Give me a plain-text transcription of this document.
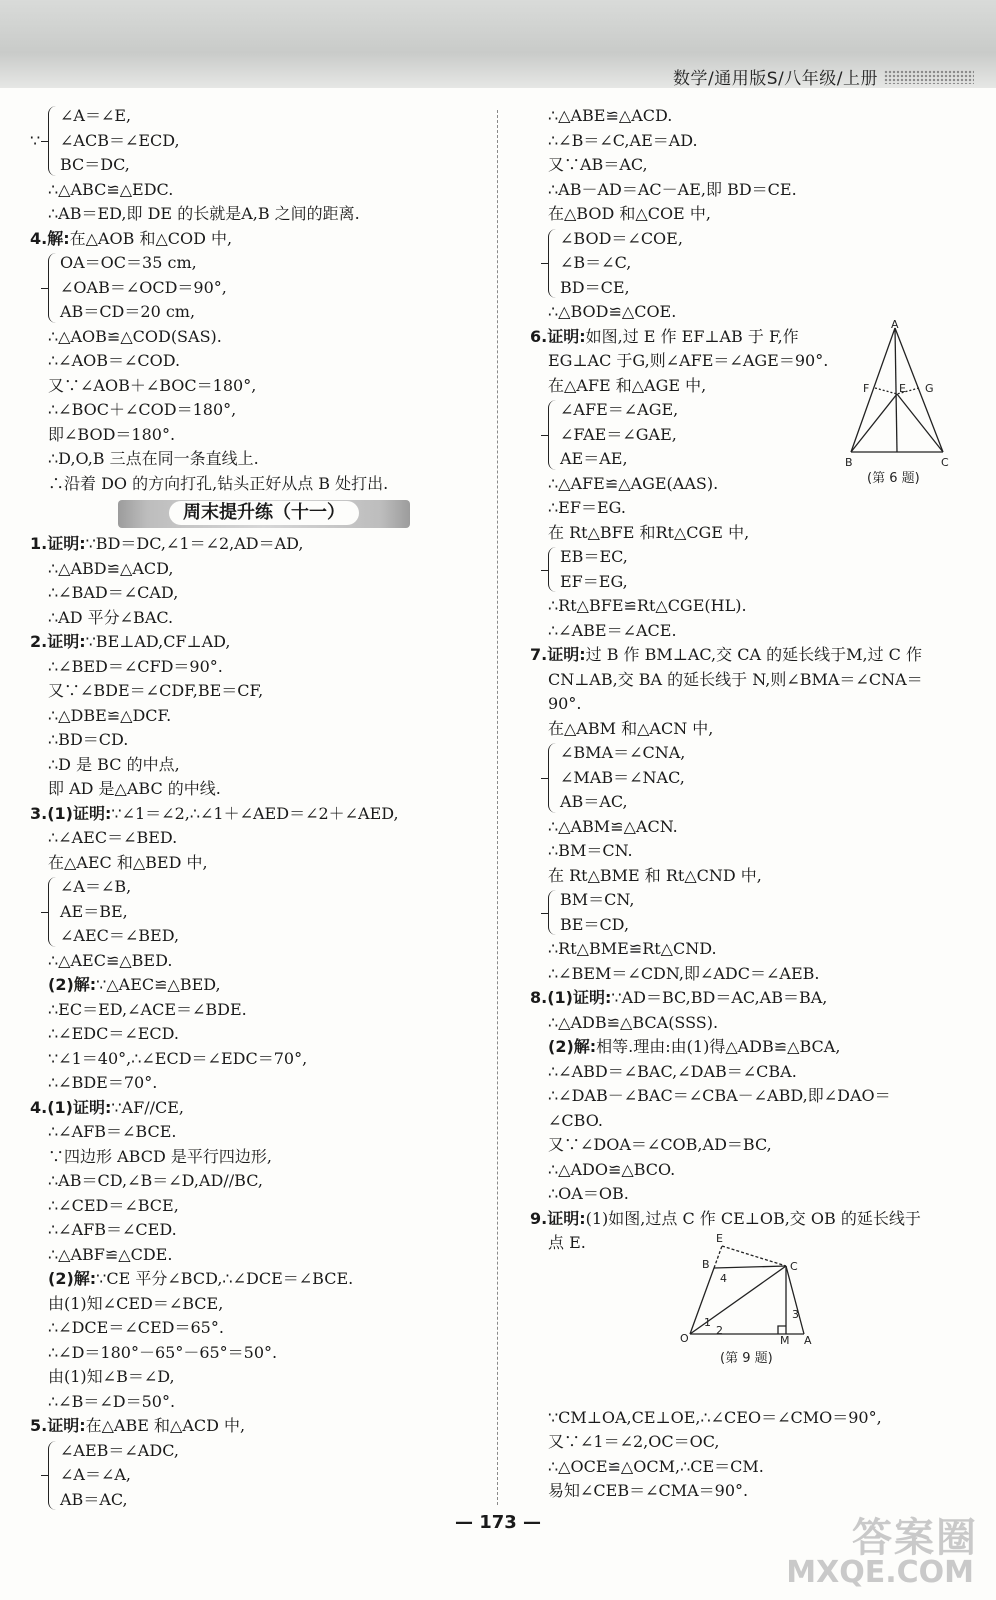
数学/通用版S/八年级/上册
∵
∠A＝∠E,
∠ACB＝∠ECD,
BC＝DC,
∴△ABC≌△EDC.
∴AB＝ED,即 DE 的长就是A,B 之间的距离.
4.解:在△AOB 和△COD 中,
OA＝OC＝35 cm,
∠OAB＝∠OCD＝90°,
AB＝CD＝20 cm,
∴△AOB≌△COD(SAS).
∴∠AOB＝∠COD.
又∵∠AOB＋∠BOC＝180°,
∴∠BOC＋∠COD＝180°,
即∠BOD＝180°.
∴D,O,B 三点在同一条直线上.
∴沿着 DO 的方向打孔,钻头正好从点 B 处打出.
周末提升练（十一）
1.证明:∵BD＝DC,∠1＝∠2,AD＝AD,
∴△ABD≌△ACD,
∴∠BAD＝∠CAD,
∴AD 平分∠BAC.
2.证明:∵BE⊥AD,CF⊥AD,
∴∠BED＝∠CFD＝90°.
又∵∠BDE＝∠CDF,BE＝CF,
∴△DBE≌△DCF.
∴BD＝CD.
∴D 是 BC 的中点,
即 AD 是△ABC 的中线.
3.(1)证明:∵∠1＝∠2,∴∠1＋∠AED＝∠2＋∠AED,
∴∠AEC＝∠BED.
在△AEC 和△BED 中,
∠A＝∠B,
AE＝BE,
∠AEC＝∠BED,
∴△AEC≌△BED.
(2)解:∵△AEC≌△BED,
∴EC＝ED,∠ACE＝∠BDE.
∴∠EDC＝∠ECD.
∵∠1＝40°,∴∠ECD＝∠EDC＝70°,
∴∠BDE＝70°.
4.(1)证明:∵AF//CE,
∴∠AFB＝∠BCE.
∵四边形 ABCD 是平行四边形,
∴AB＝CD,∠B＝∠D,AD//BC,
∴∠CED＝∠BCE,
∴∠AFB＝∠CED.
∴△ABF≌△CDE.
(2)解:∵CE 平分∠BCD,∴∠DCE＝∠BCE.
由(1)知∠CED＝∠BCE,
∴∠DCE＝∠CED＝65°.
∴∠D＝180°－65°－65°＝50°.
由(1)知∠B＝∠D,
∴∠B＝∠D＝50°.
5.证明:在△ABE 和△ACD 中,
∠AEB＝∠ADC,
∠A＝∠A,
AB＝AC,
∴△ABE≌△ACD.
∴∠B＝∠C,AE＝AD.
又∵AB＝AC,
∴AB－AD＝AC－AE,即 BD＝CE.
在△BOD 和△COE 中,
∠BOD＝∠COE,
∠B＝∠C,
BD＝CE,
∴△BOD≌△COE.
6.证明:如图,过 E 作 EF⊥AB 于 F,作
EG⊥AC 于G,则∠AFE＝∠AGE＝90°.
在△AFE 和△AGE 中,
∠AFE＝∠AGE,
∠FAE＝∠GAE,
AE＝AE,
∴△AFE≌△AGE(AAS).
∴EF＝EG.
在 Rt△BFE 和Rt△CGE 中,
EB＝EC,
EF＝EG,
∴Rt△BFE≌Rt△CGE(HL).
∴∠ABE＝∠ACE.
7.证明:过 B 作 BM⊥AC,交 CA 的延长线于M,过 C 作
CN⊥AB,交 BA 的延长线于 N,则∠BMA＝∠CNA＝
90°.
在△ABM 和△ACN 中,
∠BMA＝∠CNA,
∠MAB＝∠NAC,
AB＝AC,
∴△ABM≌△ACN.
∴BM＝CN.
在 Rt△BME 和 Rt△CND 中,
BM＝CN,
BE＝CD,
∴Rt△BME≌Rt△CND.
∴∠BEM＝∠CDN,即∠ADC＝∠AEB.
8.(1)证明:∵AD＝BC,BD＝AC,AB＝BA,
∴△ADB≌△BCA(SSS).
(2)解:相等.理由:由(1)得△ADB≌△BCA,
∴∠ABD＝∠BAC,∠DAB＝∠CBA.
∴∠DAB－∠BAC＝∠CBA－∠ABD,即∠DAO＝
∠CBO.
又∵∠DOA＝∠COB,AD＝BC,
∴△ADO≌△BCO.
∴OA＝OB.
9.证明:(1)如图,过点 C 作 CE⊥OB,交 OB 的延长线于
点 E.
∵CM⊥OA,CE⊥OE,∴∠CEO＝∠CMO＝90°,
又∵∠1＝∠2,OC＝OC,
∴△OCE≌△OCM,∴CE＝CM.
易知∠CEB＝∠CMA＝90°.
A
B	C
E
F	G
(第 6 题)
E
B	C
O	M A
1
2
3
4
(第 9 题)
— 173 —	答案圈
MXQE.COM
